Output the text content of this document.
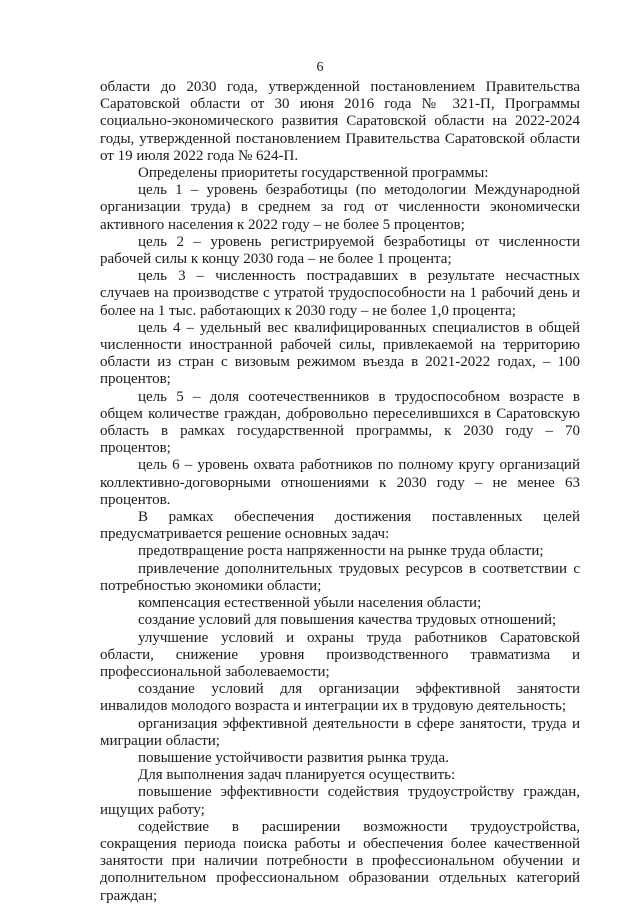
6

области до 2030 года, утвержденной постановлением Правительства Саратовской области от 30 июня 2016 года № 321-П, Программы социально-экономического развития Саратовской области на 2022-2024 годы, утвержденной постановлением Правительства Саратовской области от 19 июля 2022 года № 624-П.

Определены приоритеты государственной программы:

цель 1 – уровень безработицы (по методологии Международной организации труда) в среднем за год от численности экономически активного населения к 2022 году – не более 5 процентов;

цель 2 – уровень регистрируемой безработицы от численности рабочей силы к концу 2030 года – не более 1 процента;

цель 3 – численность пострадавших в результате несчастных случаев на производстве с утратой трудоспособности на 1 рабочий день и более на 1 тыс. работающих к 2030 году – не более 1,0 процента;

цель 4 – удельный вес квалифицированных специалистов в общей численности иностранной рабочей силы, привлекаемой на территорию области из стран с визовым режимом въезда в 2021-2022 годах, – 100 процентов;

цель 5 – доля соотечественников в трудоспособном возрасте в общем количестве граждан, добровольно переселившихся в Саратовскую область в рамках государственной программы, к 2030 году – 70 процентов;

цель 6 – уровень охвата работников по полному кругу организаций коллективно-договорными отношениями к 2030 году – не менее 63 процентов.

В рамках обеспечения достижения поставленных целей предусматривается решение основных задач:

предотвращение роста напряженности на рынке труда области;

привлечение дополнительных трудовых ресурсов в соответствии с потребностью экономики области;

компенсация естественной убыли населения области;

создание условий для повышения качества трудовых отношений;

улучшение условий и охраны труда работников Саратовской области, снижение уровня производственного травматизма и профессиональной заболеваемости;

создание условий для организации эффективной занятости инвалидов молодого возраста и интеграции их в трудовую деятельность;

организация эффективной деятельности в сфере занятости, труда и миграции области;

повышение устойчивости развития рынка труда.

Для выполнения задач планируется осуществить:

повышение эффективности содействия трудоустройству граждан, ищущих работу;

содействие в расширении возможности трудоустройства, сокращения периода поиска работы и обеспечения более качественной занятости при наличии потребности в профессиональном обучении и дополнительном профессиональном образовании отдельных категорий граждан;
